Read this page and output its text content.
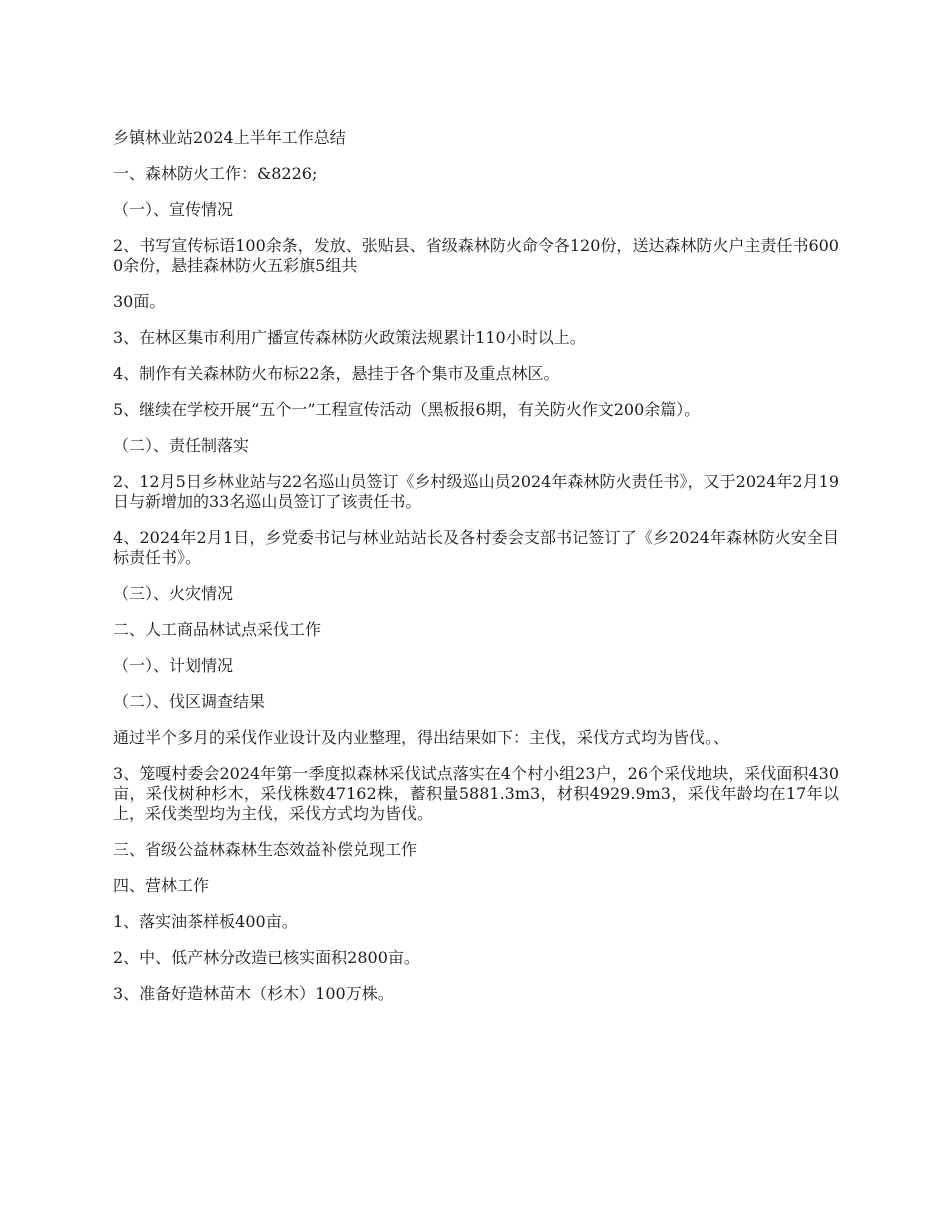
乡镇林业站2024上半年工作总结

一、森林防火工作：&8226;

（一）、宣传情况

2、书写宣传标语100余条，发放、张贴县、省级森林防火命令各120份，送达森林防火户主责任书6000余份，悬挂森林防火五彩旗5组共

30面。

3、在林区集市利用广播宣传森林防火政策法规累计110小时以上。

4、制作有关森林防火布标22条，悬挂于各个集市及重点林区。

5、继续在学校开展“五个一”工程宣传活动（黑板报6期，有关防火作文200余篇）。

（二）、责任制落实

2、12月5日乡林业站与22名巡山员签订《乡村级巡山员2024年森林防火责任书》，又于2024年2月19日与新增加的33名巡山员签订了该责任书。

4、2024年2月1日，乡党委书记与林业站站长及各村委会支部书记签订了《乡2024年森林防火安全目标责任书》。

（三）、火灾情况

二、人工商品林试点采伐工作

（一）、计划情况

（二）、伐区调查结果

通过半个多月的采伐作业设计及内业整理，得出结果如下：主伐，采伐方式均为皆伐。、

3、笼嘎村委会2024年第一季度拟森林采伐试点落实在4个村小组23户，26个采伐地块，采伐面积430亩，采伐树种杉木，采伐株数47162株，蓄积量5881.3m3，材积4929.9m3，采伐年龄均在17年以上，采伐类型均为主伐，采伐方式均为皆伐。

三、省级公益林森林生态效益补偿兑现工作

四、营林工作

1、落实油茶样板400亩。

2、中、低产林分改造已核实面积2800亩。

3、准备好造林苗木（杉木）100万株。
